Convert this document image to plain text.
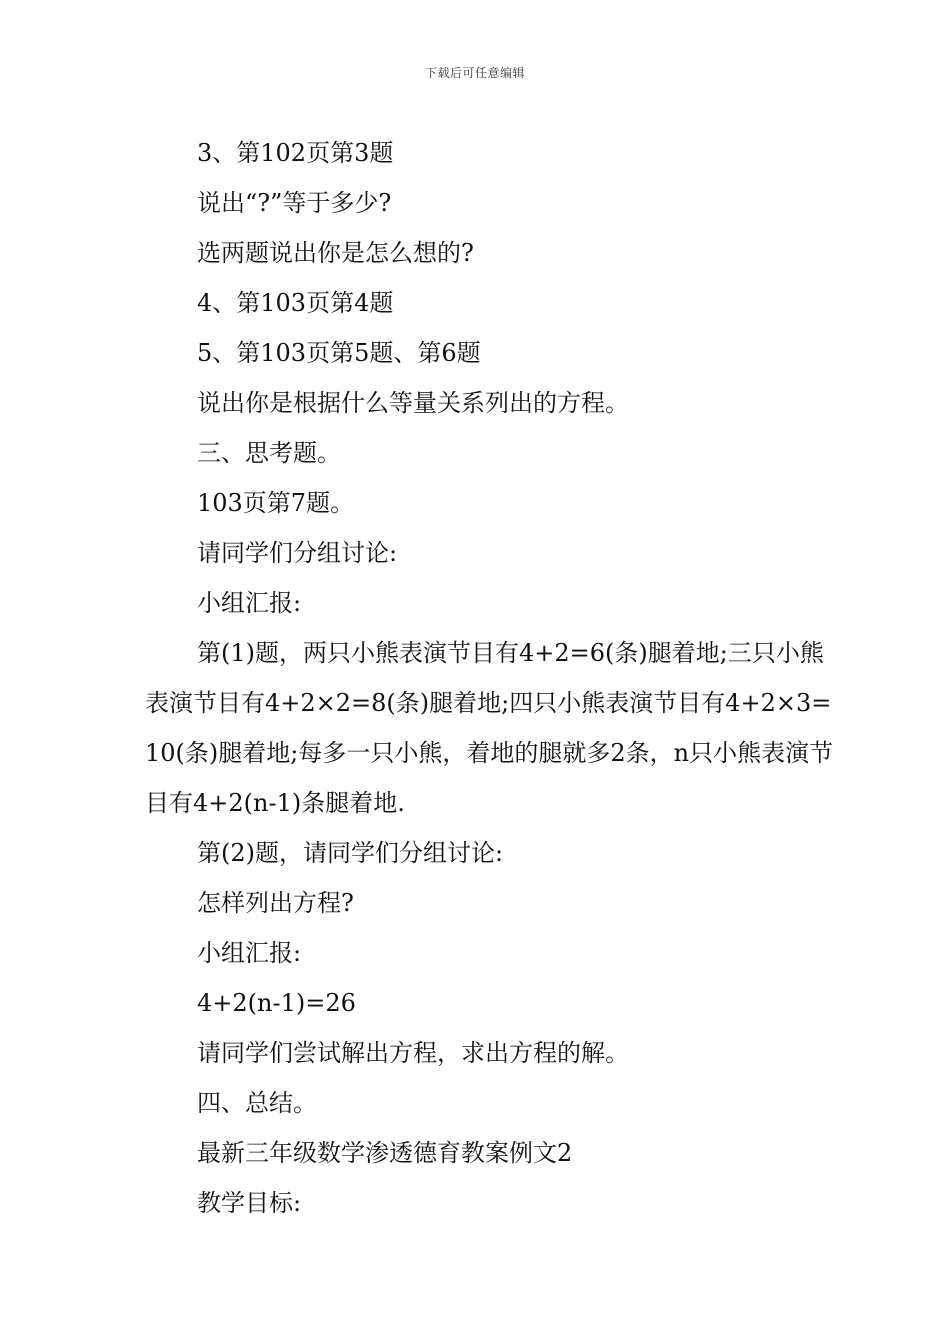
下载后可任意编辑

3、第102页第3题

说出“?”等于多少?

选两题说出你是怎么想的?

4、第103页第4题

5、第103页第5题、第6题

说出你是根据什么等量关系列出的方程。

三、思考题。

103页第7题。

请同学们分组讨论:

小组汇报:

第(1)题，两只小熊表演节目有4+2=6(条)腿着地;三只小熊表演节目有4+2×2=8(条)腿着地;四只小熊表演节目有4+2×3=10(条)腿着地;每多一只小熊，着地的腿就多2条，n只小熊表演节目有4+2(n-1)条腿着地.

第(2)题，请同学们分组讨论:

怎样列出方程?

小组汇报:

4+2(n-1)=26

请同学们尝试解出方程，求出方程的解。

四、总结。

最新三年级数学渗透德育教案例文2

教学目标:
